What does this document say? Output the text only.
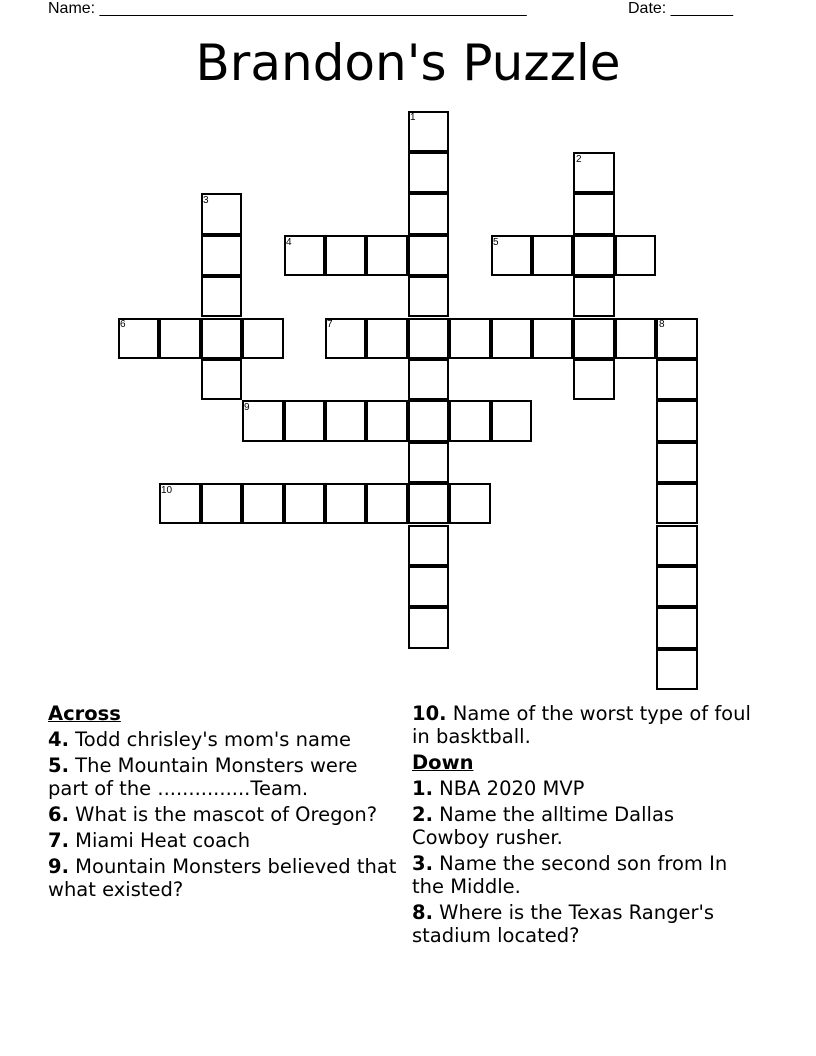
Name: ________________________________________________	Date: _______
Brandon's Puzzle
1
2
3
4	5
6	7	8
9
10
Across
4. Todd chrisley's mom's name
5. The Mountain Monsters were part of the ...............Team.
6. What is the mascot of Oregon?
7. Miami Heat coach
9. Mountain Monsters believed that what existed?
10. Name of the worst type of foul in basktball.
Down
1. NBA 2020 MVP
2. Name the alltime Dallas Cowboy rusher.
3. Name the second son from In the Middle.
8. Where is the Texas Ranger's stadium located?
